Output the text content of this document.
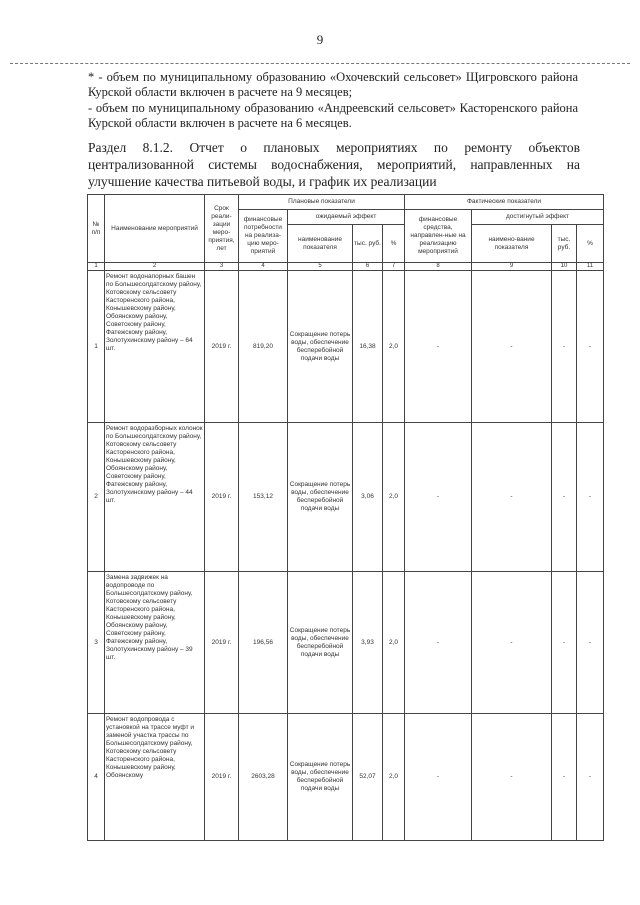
9
* - объем по муниципальному образованию «Охочевский сельсовет» Щигровского района Курской области включен в расчете на 9 месяцев;
- объем по муниципальному образованию «Андреевский сельсовет» Касторенского района Курской области включен в расчете на 6 месяцев.
Раздел 8.1.2. Отчет о плановых мероприятиях по ремонту объектов централизованной системы водоснабжения, мероприятий, направленных на улучшение качества питьевой воды, и график их реализации
№ п/п	Наименование мероприятий	Срок реали-зации меро-приятия, лет	Плановые показатели				Фактические показатели			
			финансовые потребности на реализа-цию меро-приятий	ожидаемый эффект			финансовые средства, направлен-ные на реализацию мероприятий	достигнутый эффект		
				наименование показателя	тыс. руб.	%		наимено-вание показателя	тыс. руб.	%
1	2	3	4	5	6	7	8	9	10	11
1	Ремонт водонапорных башен по Большесолдатскому району, Котовскому сельсовету Касторенского района, Конышевскому району, Обоянскому району, Советскому району, Фатежскому району, Золотухинскому району – 64 шт.	2019 г.	819,20	Сокращение потерь воды, обеспечение бесперебойной подачи воды	16,38	2,0	-	-	-	-
2	Ремонт водоразборных колонок по Большесолдатскому району, Котовскому сельсовету Касторенского района, Конышевскому району, Обоянскому району, Советскому району, Фатежскому району, Золотухинскому району – 44 шт.	2019 г.	153,12	Сокращение потерь воды, обеспечение бесперебойной подачи воды	3,06	2,0	-	-	-	-
3	Замена задвижек на водопроводе по Большесолдатскому району, Котовскому сельсовету Касторенского района, Конышевскому району, Обоянскому району, Советскому району, Фатежскому району, Золотухинскому району – 39 шт.	2019 г.	196,56	Сокращение потерь воды, обеспечение бесперебойной подачи воды	3,93	2,0	-	-	-	-
4	Ремонт водопровода с установкой на трассе муфт и заменой участка трассы по Большесолдатскому району, Котовскому сельсовету Касторенского района, Конышевскому району, Обоянскому	2019 г.	2603,28	Сокращение потерь воды, обеспечение бесперебойной подачи воды	52,07	2,0	-	-	-	-
